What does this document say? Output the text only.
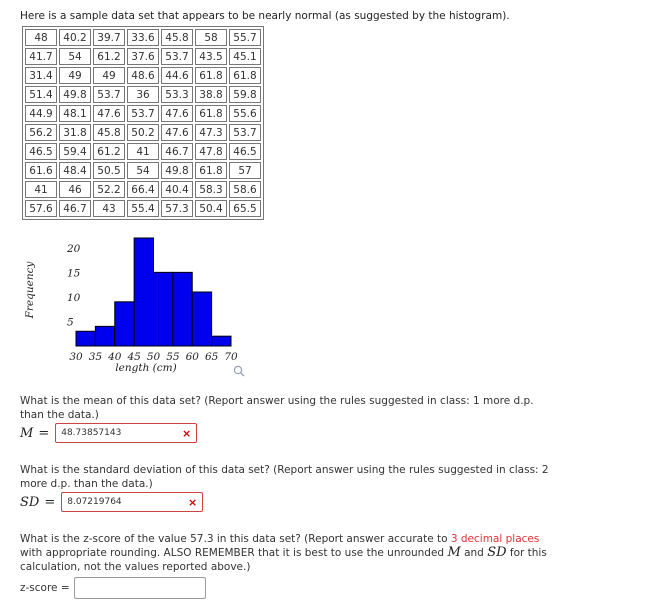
Here is a sample data set that appears to be nearly normal (as suggested by the histogram).
48	40.2	39.7	33.6	45.8	58	55.7
41.7	54	61.2	37.6	53.7	43.5	45.1
31.4	49	49	48.6	44.6	61.8	61.8
51.4	49.8	53.7	36	53.3	38.8	59.8
44.9	48.1	47.6	53.7	47.6	61.8	55.6
56.2	31.8	45.8	50.2	47.6	47.3	53.7
46.5	59.4	61.2	41	46.7	47.8	46.5
61.6	48.4	50.5	54	49.8	61.8	57
41	46	52.2	66.4	40.4	58.3	58.6
57.6	46.7	43	55.4	57.3	50.4	65.5
30 35 40 45 50 55 60 65 70
5
10
15
20
length (cm)
Frequency
What is the mean of this data set? (Report answer using the rules suggested in class: 1 more d.p. than the data.)
M = 48.73857143	×
What is the standard deviation of this data set? (Report answer using the rules suggested in class: 2 more d.p. than the data.)
SD = 8.07219764	×
What is the z-score of the value 57.3 in this data set? (Report answer accurate to 3 decimal places with appropriate rounding. ALSO REMEMBER that it is best to use the unrounded M and SD for this calculation, not the values reported above.)
z-score =
